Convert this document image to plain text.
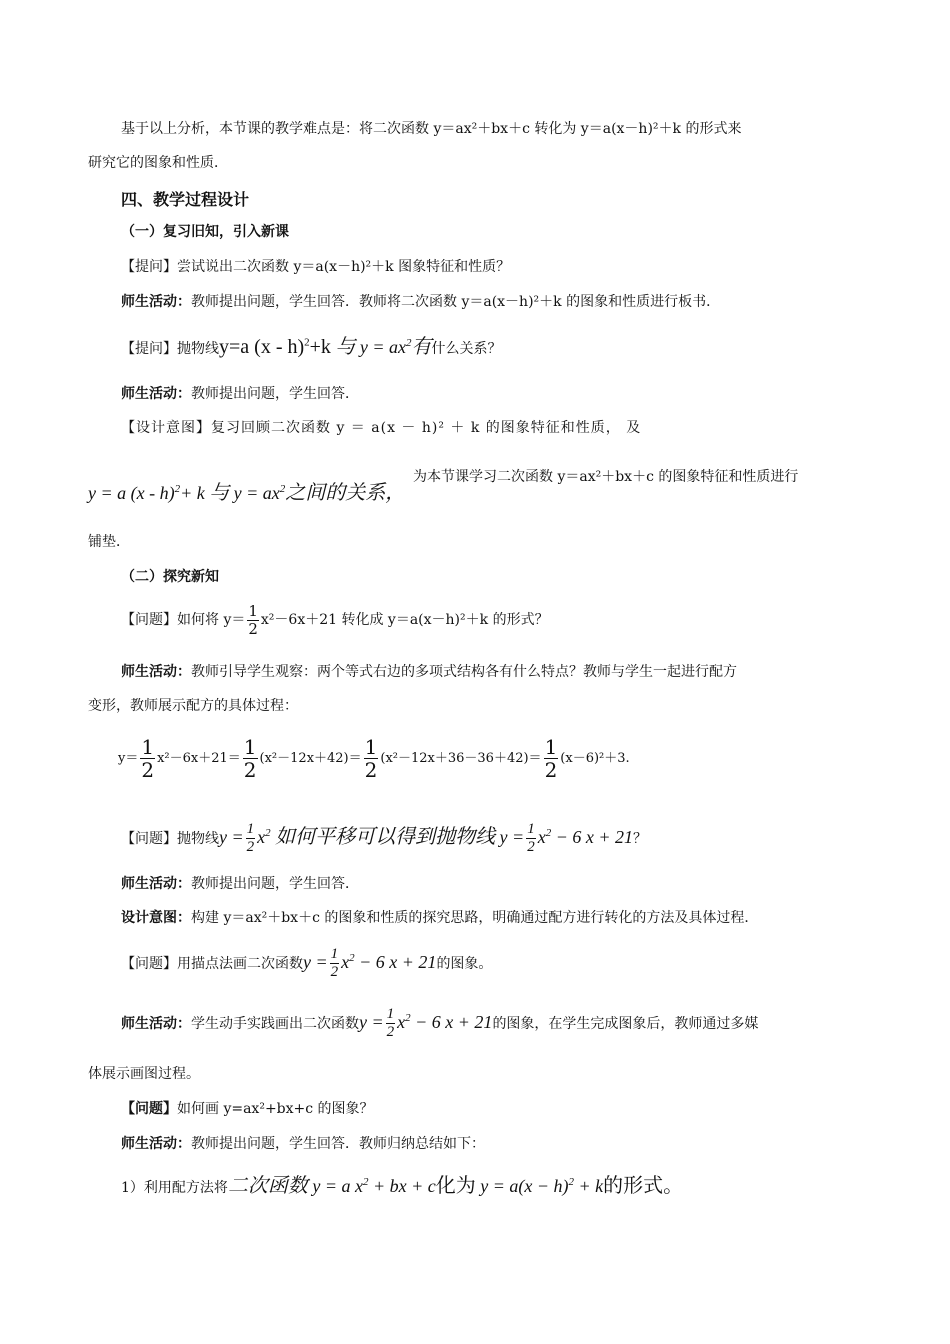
基于以上分析，本节课的教学难点是：将二次函数 y＝ax²＋bx＋c 转化为 y＝a(x－h)²＋k 的形式来
研究它的图象和性质．
四、教学过程设计
（一）复习旧知，引入新课
【提问】尝试说出二次函数 y＝a(x－h)²＋k 图象特征和性质？
师生活动：教师提出问题，学生回答．教师将二次函数 y＝a(x－h)²＋k 的图象和性质进行板书．
【提问】抛物线y=a (x - h)$^2$+k 与 $y = ax^2$有什么关系？
师生活动：教师提出问题，学生回答．
【设计意图】复习回顾二次函数 y ＝ a(x － h)² ＋ k 的图象特征和性质， 及
y = a (x - h)$^2$+ k 与 $y = ax^2$之间的关系，
为本节课学习二次函数 y＝ax²＋bx＋c 的图象特征和性质进行
铺垫．
（二）探究新知
【问题】如何将 $y= \frac{1}{2} x^2-6x+21$ 转化成 y＝a(x－h)²＋k 的形式？
师生活动：教师引导学生观察：两个等式右边的多项式结构各有什么特点？教师与学生一起进行配方
变形，教师展示配方的具体过程：
$y= \frac{1}{2} x^2-6x+21= \frac{1}{2} (x^2-12x+42)= \frac{1}{2} (x^2-12x+36-36+42)= \frac{1}{2} (x-6)^2+3$.
【问题】抛物线$y = \frac{1}{2} x^2$ 如何平移可以得到抛物线 $y = \frac{1}{2} x^2 - 6$ x + 21？
师生活动：教师提出问题，学生回答．
设计意图：构建 y＝ax²＋bx＋c 的图象和性质的探究思路，明确通过配方进行转化的方法及具体过程．
【问题】用描点法画二次函数$y = \frac{1}{2} x^2 - 6$ x + 21的图象。
师生活动：学生动手实践画出二次函数$y = \frac{1}{2} x^2 - 6$ x + 21的图象，在学生完成图象后，教师通过多媒
体展示画图过程。
【问题】如何画 y=ax²+bx+c 的图象？
师生活动：教师提出问题，学生回答．教师归纳总结如下：
1）利用配方法将二次函数 y = a $x^2$ + bx + c化为 $y = a(x - h)^2 + k$的形式。
